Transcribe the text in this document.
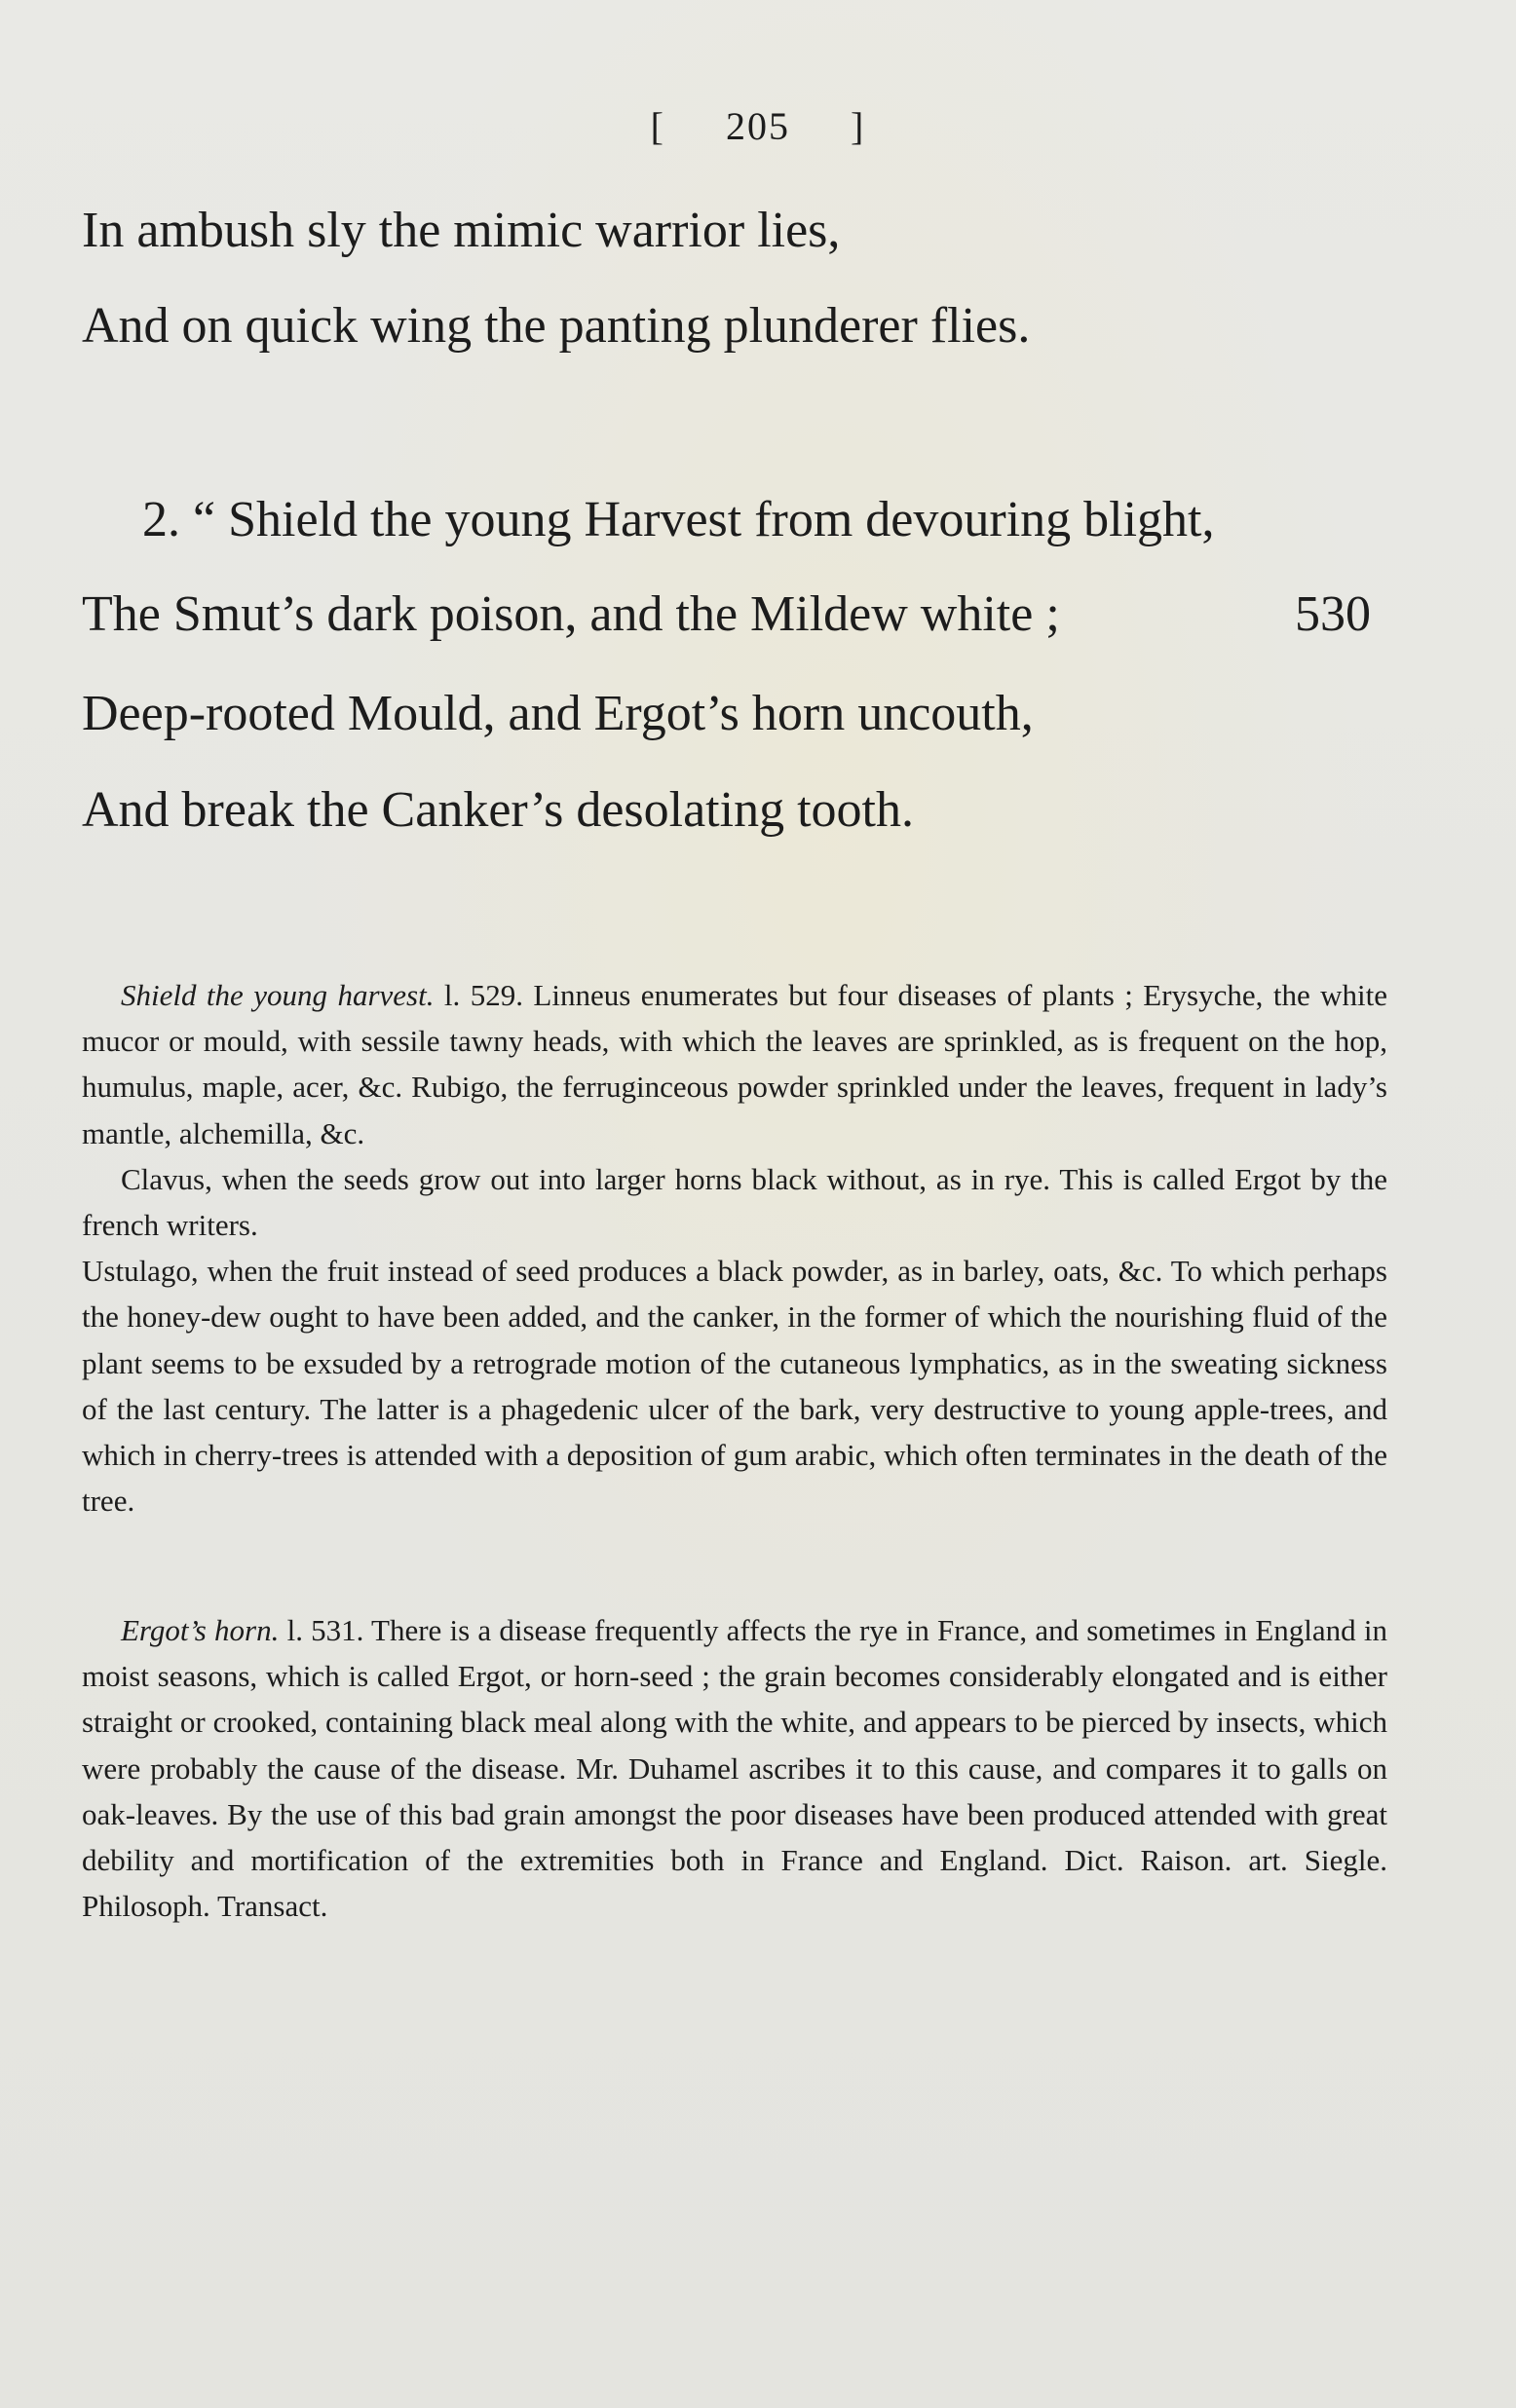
[ 205 ]
In ambush sly the mimic warrior lies,
And on quick wing the panting plunderer flies.
2. “ Shield the young Harvest from devouring blight,
The Smut’s dark poison, and the Mildew white ;	530
Deep-rooted Mould, and Ergot’s horn uncouth,
And break the Canker’s desolating tooth.

Shield the young harvest. l. 529. Linneus enumerates but four diseases of plants ; Erysyche, the white mucor or mould, with sessile tawny heads, with which the leaves are sprinkled, as is frequent on the hop, humulus, maple, acer, &c. Rubigo, the ferruginceous powder sprinkled under the leaves, frequent in lady’s mantle, alchemilla, &c.

Clavus, when the seeds grow out into larger horns black without, as in rye. This is called Ergot by the french writers.

Ustulago, when the fruit instead of seed produces a black powder, as in barley, oats, &c. To which perhaps the honey-dew ought to have been added, and the canker, in the former of which the nourishing fluid of the plant seems to be exsuded by a retrograde motion of the cutaneous lymphatics, as in the sweating sickness of the last century. The latter is a phagedenic ulcer of the bark, very destructive to young apple-trees, and which in cherry-trees is attended with a deposition of gum arabic, which often terminates in the death of the tree.

Ergot’s horn. l. 531. There is a disease frequently affects the rye in France, and sometimes in England in moist seasons, which is called Ergot, or horn-seed ; the grain becomes considerably elongated and is either straight or crooked, containing black meal along with the white, and appears to be pierced by insects, which were probably the cause of the disease. Mr. Duhamel ascribes it to this cause, and compares it to galls on oak-leaves. By the use of this bad grain amongst the poor diseases have been produced attended with great debility and mortification of the extremities both in France and England. Dict. Raison. art. Siegle. Philosoph. Transact.
